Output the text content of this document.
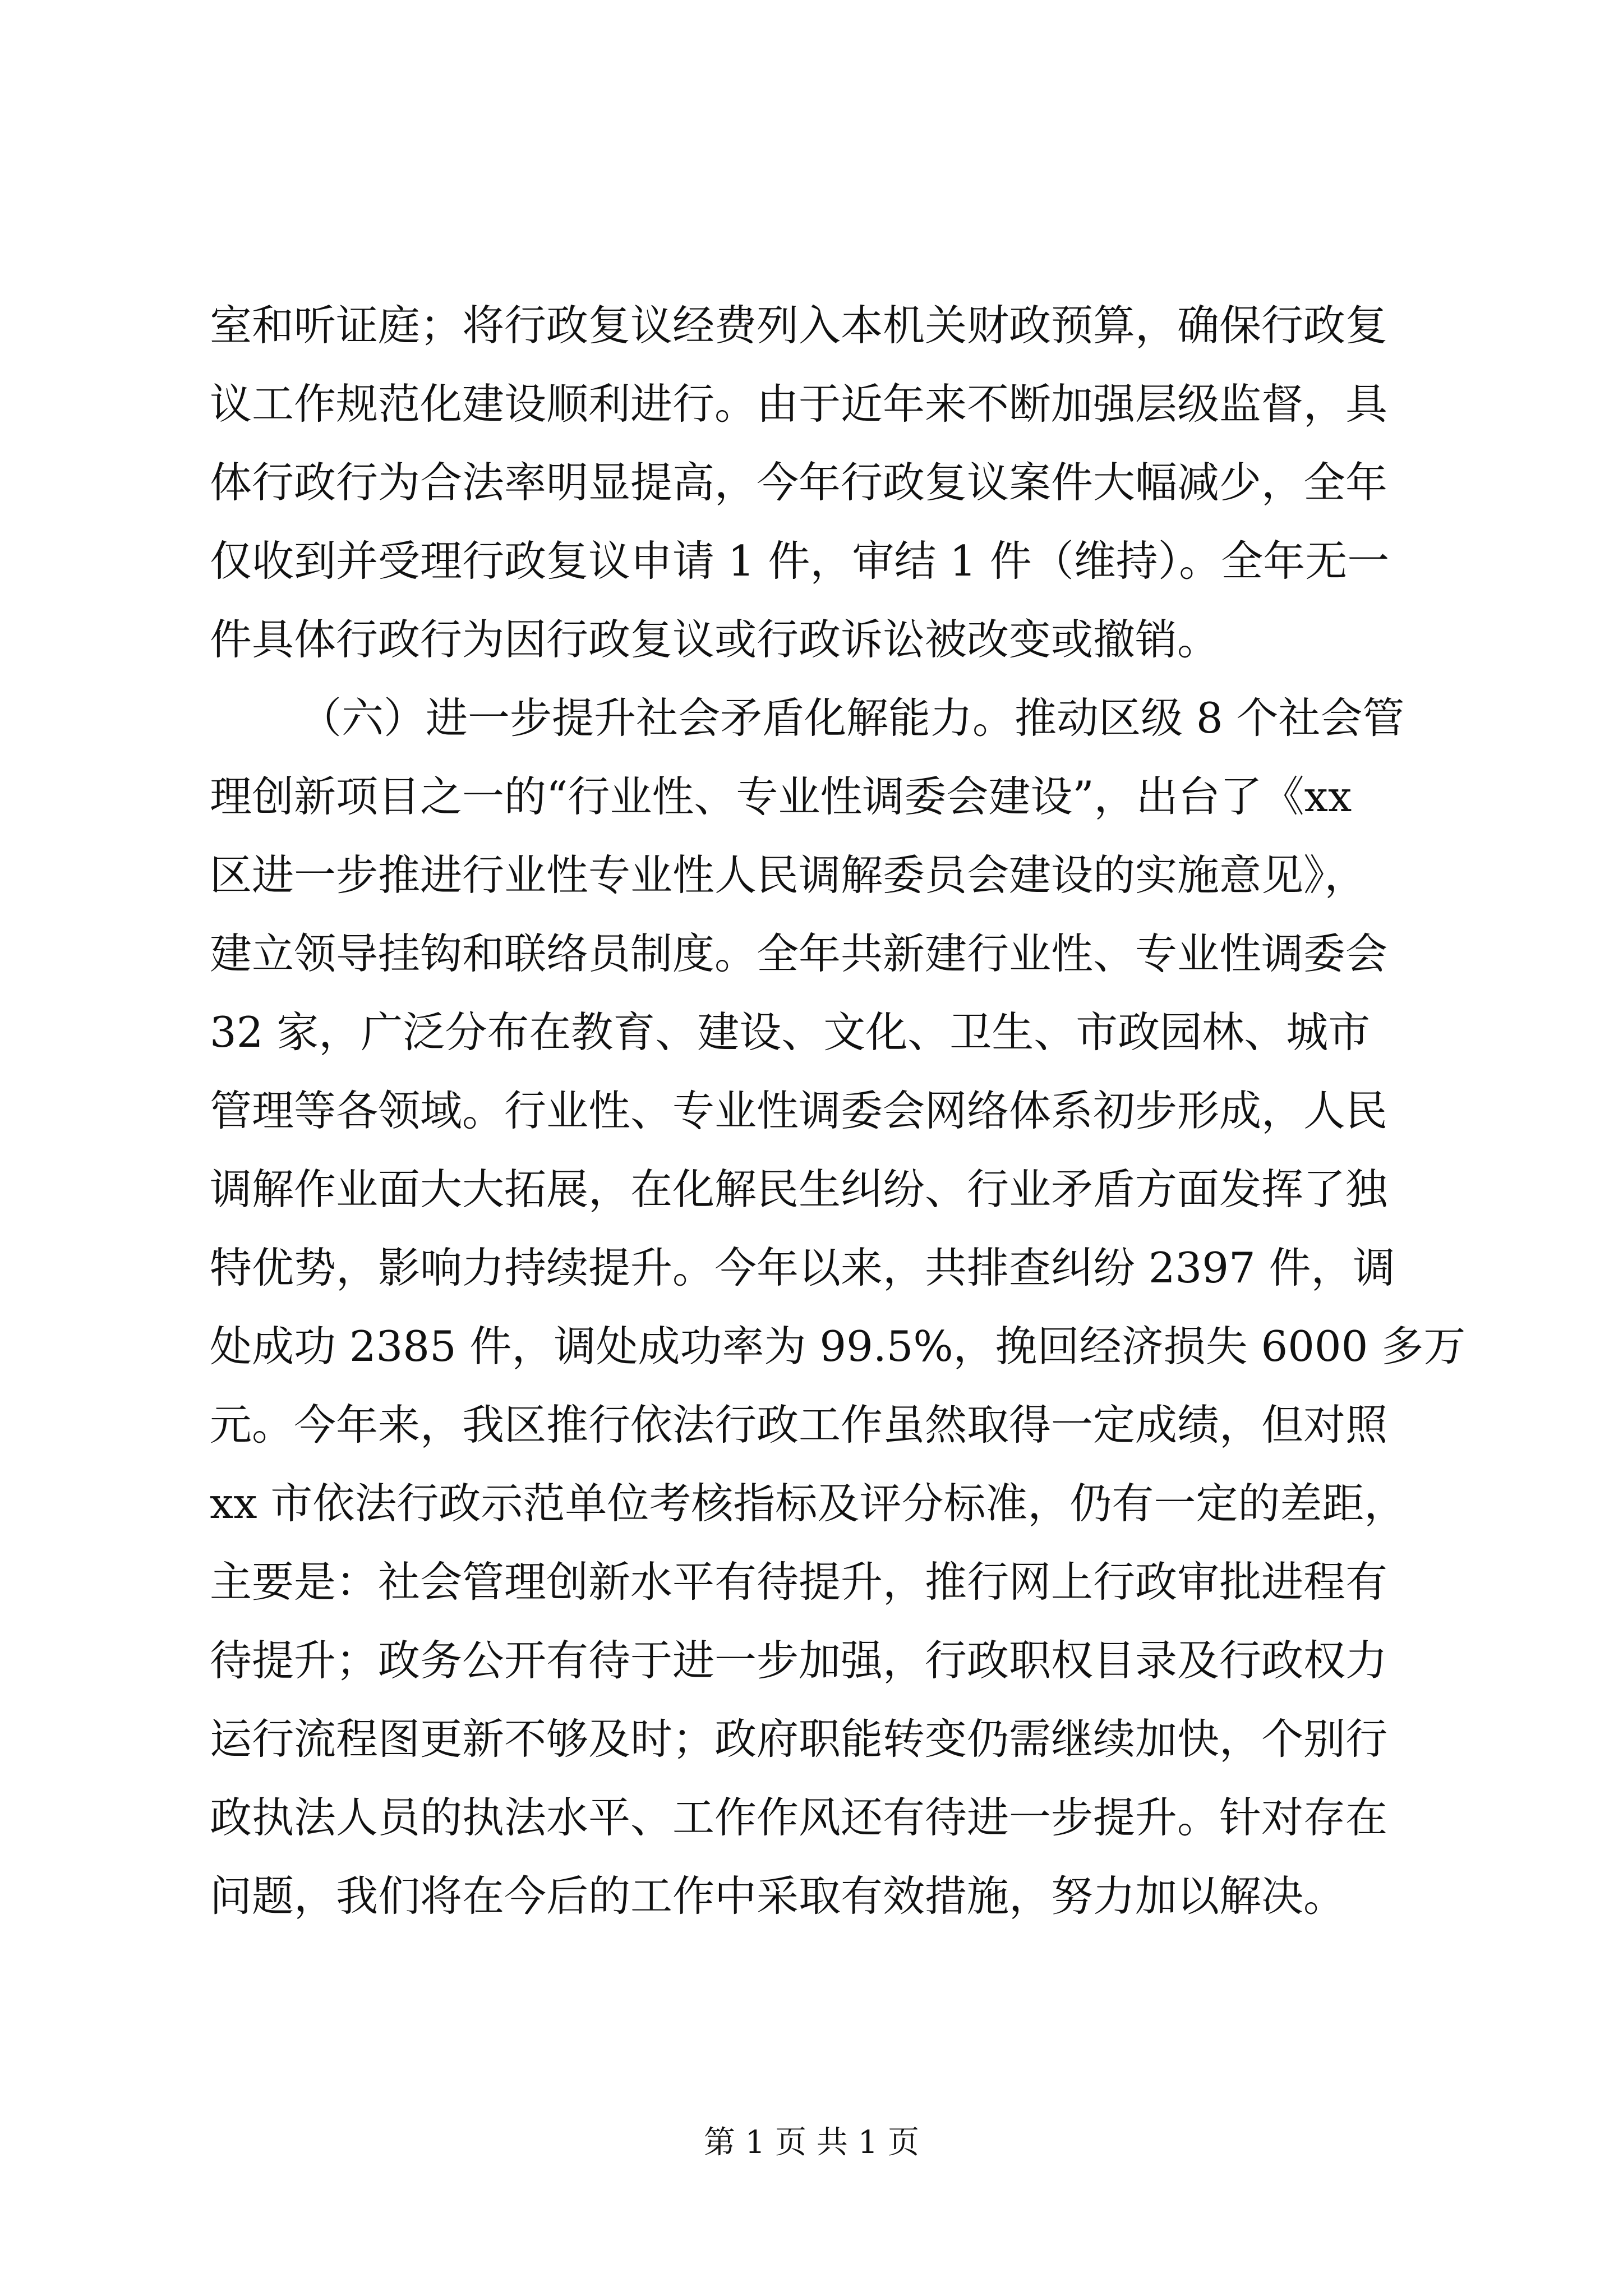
室和听证庭；将行政复议经费列入本机关财政预算，确保行政复
议工作规范化建设顺利进行。由于近年来不断加强层级监督，具
体行政行为合法率明显提高，今年行政复议案件大幅减少，全年
仅收到并受理行政复议申请 1 件，审结 1 件（维持）。全年无一
件具体行政行为因行政复议或行政诉讼被改变或撤销。
（六）进一步提升社会矛盾化解能力。推动区级 8 个社会管
理创新项目之一的“行业性、专业性调委会建设”，出台了《xx
区进一步推进行业性专业性人民调解委员会建设的实施意见》，
建立领导挂钩和联络员制度。全年共新建行业性、专业性调委会
32 家，广泛分布在教育、建设、文化、卫生、市政园林、城市
管理等各领域。行业性、专业性调委会网络体系初步形成，人民
调解作业面大大拓展，在化解民生纠纷、行业矛盾方面发挥了独
特优势，影响力持续提升。今年以来，共排查纠纷 2397 件，调
处成功 2385 件，调处成功率为 99.5%，挽回经济损失 6000 多万
元。今年来，我区推行依法行政工作虽然取得一定成绩，但对照
xx 市依法行政示范单位考核指标及评分标准，仍有一定的差距，
主要是：社会管理创新水平有待提升，推行网上行政审批进程有
待提升；政务公开有待于进一步加强，行政职权目录及行政权力
运行流程图更新不够及时；政府职能转变仍需继续加快，个别行
政执法人员的执法水平、工作作风还有待进一步提升。针对存在
问题，我们将在今后的工作中采取有效措施，努力加以解决。
第 1 页 共 1 页
